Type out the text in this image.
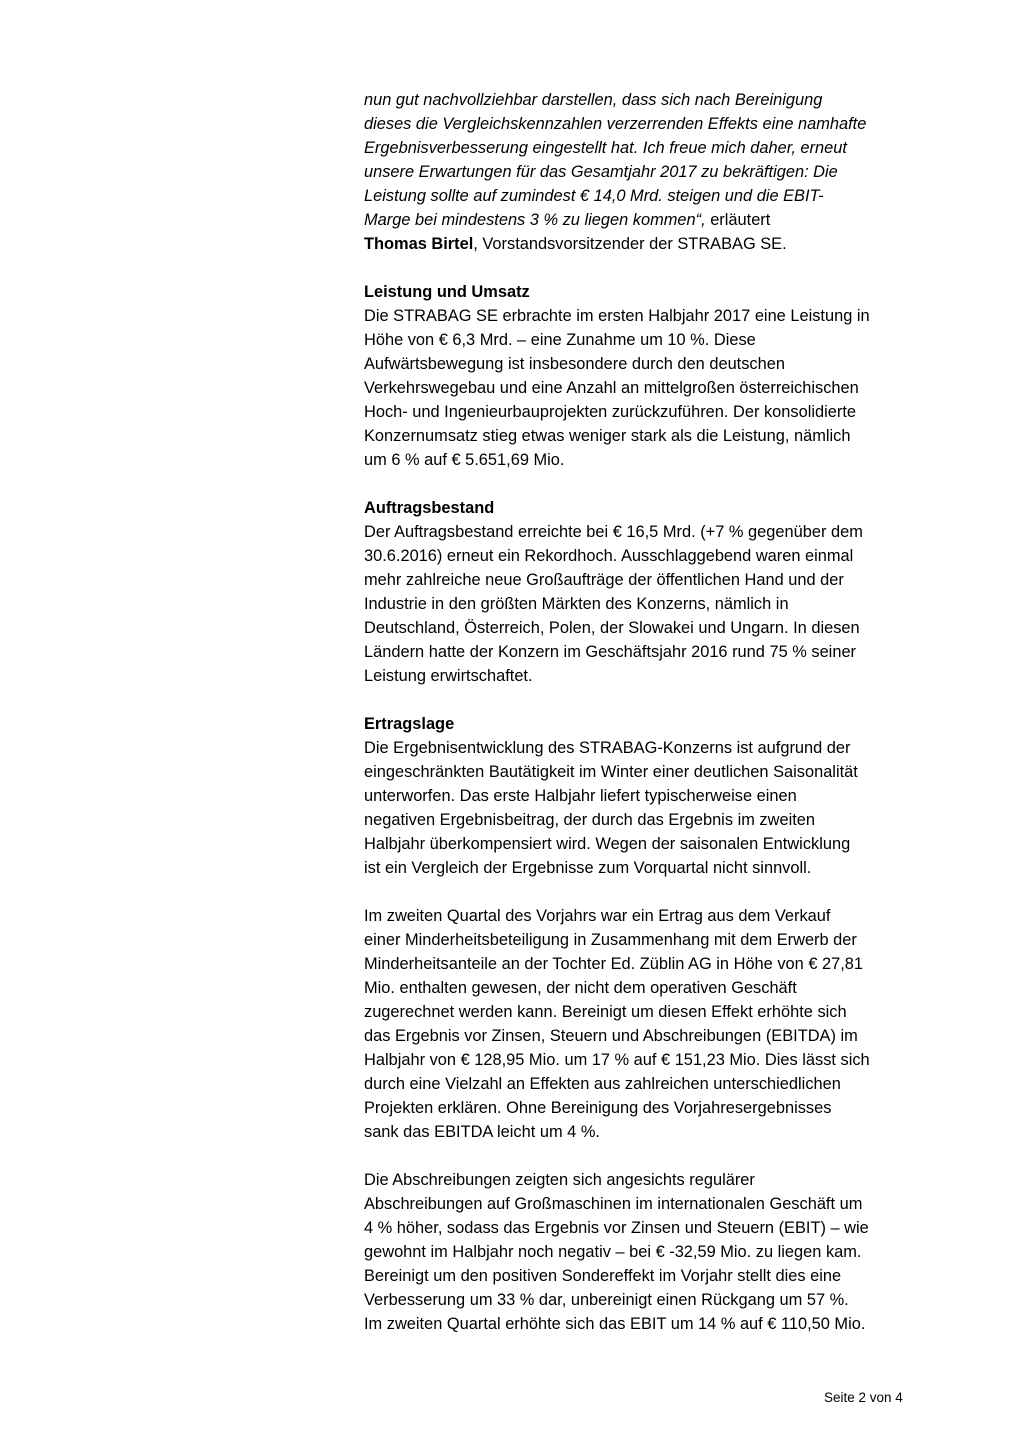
nun gut nachvollziehbar darstellen, dass sich nach Bereinigung
dieses die Vergleichskennzahlen verzerrenden Effekts eine namhafte
Ergebnisverbesserung eingestellt hat. Ich freue mich daher, erneut
unsere Erwartungen für das Gesamtjahr 2017 zu bekräftigen: Die
Leistung sollte auf zumindest € 14,0 Mrd. steigen und die EBIT-
Marge bei mindestens 3 % zu liegen kommen“, erläutert
Thomas Birtel, Vorstandsvorsitzender der STRABAG SE.
Leistung und Umsatz
Die STRABAG SE erbrachte im ersten Halbjahr 2017 eine Leistung in
Höhe von € 6,3 Mrd. – eine Zunahme um 10 %. Diese
Aufwärtsbewegung ist insbesondere durch den deutschen
Verkehrswegebau und eine Anzahl an mittelgroßen österreichischen
Hoch- und Ingenieurbauprojekten zurückzuführen. Der konsolidierte
Konzernumsatz stieg etwas weniger stark als die Leistung, nämlich
um 6 % auf € 5.651,69 Mio.
Auftragsbestand
Der Auftragsbestand erreichte bei € 16,5 Mrd. (+7 % gegenüber dem
30.6.2016) erneut ein Rekordhoch. Ausschlaggebend waren einmal
mehr zahlreiche neue Großaufträge der öffentlichen Hand und der
Industrie in den größten Märkten des Konzerns, nämlich in
Deutschland, Österreich, Polen, der Slowakei und Ungarn. In diesen
Ländern hatte der Konzern im Geschäftsjahr 2016 rund 75 % seiner
Leistung erwirtschaftet.
Ertragslage
Die Ergebnisentwicklung des STRABAG-Konzerns ist aufgrund der
eingeschränkten Bautätigkeit im Winter einer deutlichen Saisonalität
unterworfen. Das erste Halbjahr liefert typischerweise einen
negativen Ergebnisbeitrag, der durch das Ergebnis im zweiten
Halbjahr überkompensiert wird. Wegen der saisonalen Entwicklung
ist ein Vergleich der Ergebnisse zum Vorquartal nicht sinnvoll.
Im zweiten Quartal des Vorjahrs war ein Ertrag aus dem Verkauf
einer Minderheitsbeteiligung in Zusammenhang mit dem Erwerb der
Minderheitsanteile an der Tochter Ed. Züblin AG in Höhe von € 27,81
Mio. enthalten gewesen, der nicht dem operativen Geschäft
zugerechnet werden kann. Bereinigt um diesen Effekt erhöhte sich
das Ergebnis vor Zinsen, Steuern und Abschreibungen (EBITDA) im
Halbjahr von € 128,95 Mio. um 17 % auf € 151,23 Mio. Dies lässt sich
durch eine Vielzahl an Effekten aus zahlreichen unterschiedlichen
Projekten erklären. Ohne Bereinigung des Vorjahresergebnisses
sank das EBITDA leicht um 4 %.
Die Abschreibungen zeigten sich angesichts regulärer
Abschreibungen auf Großmaschinen im internationalen Geschäft um
4 % höher, sodass das Ergebnis vor Zinsen und Steuern (EBIT) – wie
gewohnt im Halbjahr noch negativ – bei € -32,59 Mio. zu liegen kam.
Bereinigt um den positiven Sondereffekt im Vorjahr stellt dies eine
Verbesserung um 33 % dar, unbereinigt einen Rückgang um 57 %.
Im zweiten Quartal erhöhte sich das EBIT um 14 % auf € 110,50 Mio.
Seite 2 von 4
